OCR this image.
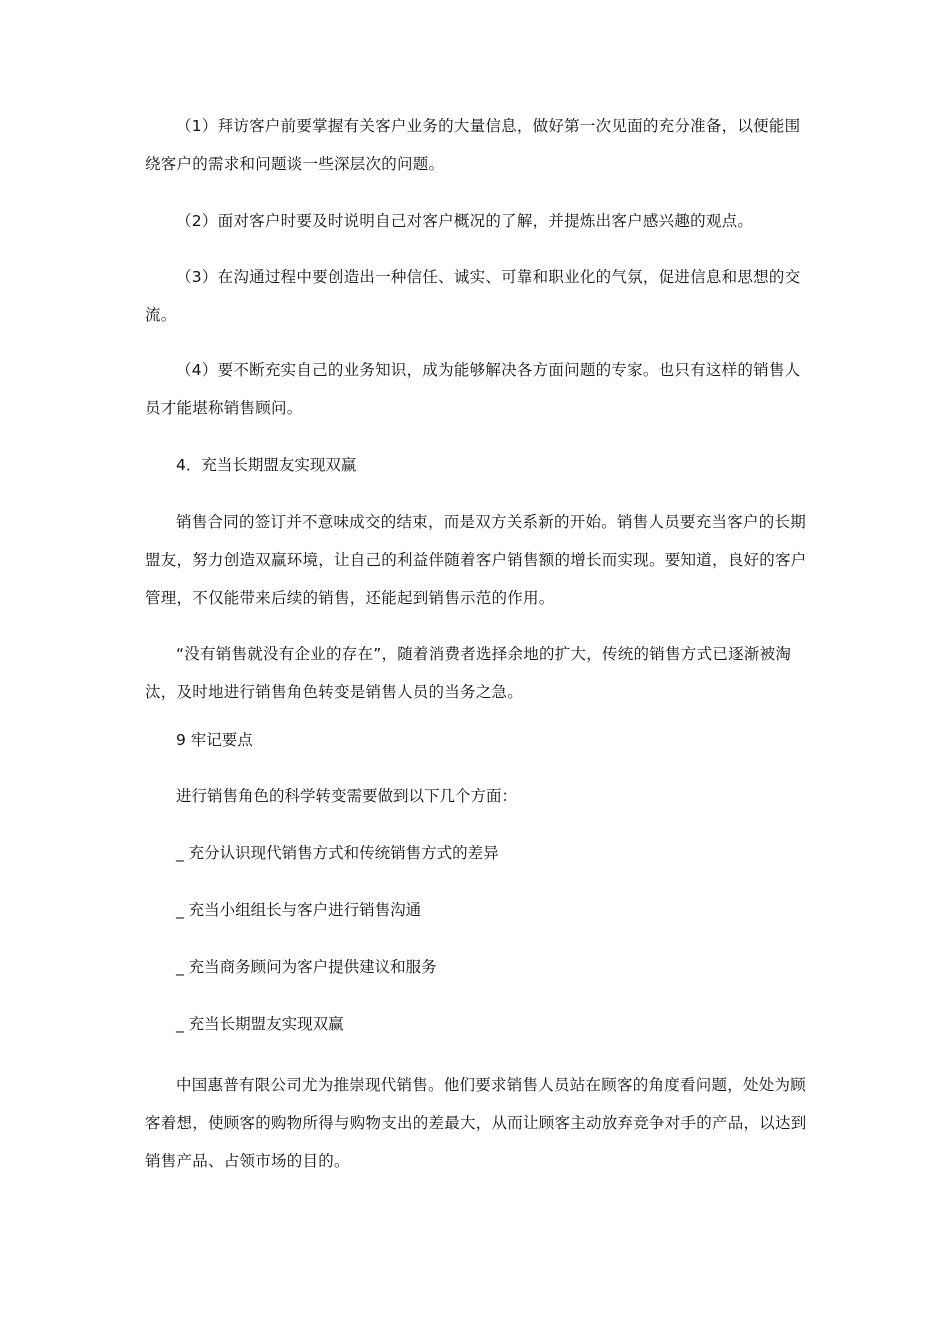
（1）拜访客户前要掌握有关客户业务的大量信息，做好第一次见面的充分准备，以便能围绕客户的需求和问题谈一些深层次的问题。

（2）面对客户时要及时说明自己对客户概况的了解，并提炼出客户感兴趣的观点。

（3）在沟通过程中要创造出一种信任、诚实、可靠和职业化的气氛，促进信息和思想的交流。

（4）要不断充实自己的业务知识，成为能够解决各方面问题的专家。也只有这样的销售人员才能堪称销售顾问。

4．充当长期盟友实现双赢

销售合同的签订并不意味成交的结束，而是双方关系新的开始。销售人员要充当客户的长期盟友，努力创造双赢环境，让自己的利益伴随着客户销售额的增长而实现。要知道，良好的客户管理，不仅能带来后续的销售，还能起到销售示范的作用。

“没有销售就没有企业的存在”，随着消费者选择余地的扩大，传统的销售方式已逐渐被淘汰，及时地进行销售角色转变是销售人员的当务之急。

9 牢记要点

进行销售角色的科学转变需要做到以下几个方面：

_ 充分认识现代销售方式和传统销售方式的差异

_ 充当小组组长与客户进行销售沟通

_ 充当商务顾问为客户提供建议和服务

_ 充当长期盟友实现双赢

中国惠普有限公司尤为推崇现代销售。他们要求销售人员站在顾客的角度看问题，处处为顾客着想，使顾客的购物所得与购物支出的差最大，从而让顾客主动放弃竞争对手的产品，以达到销售产品、占领市场的目的。
